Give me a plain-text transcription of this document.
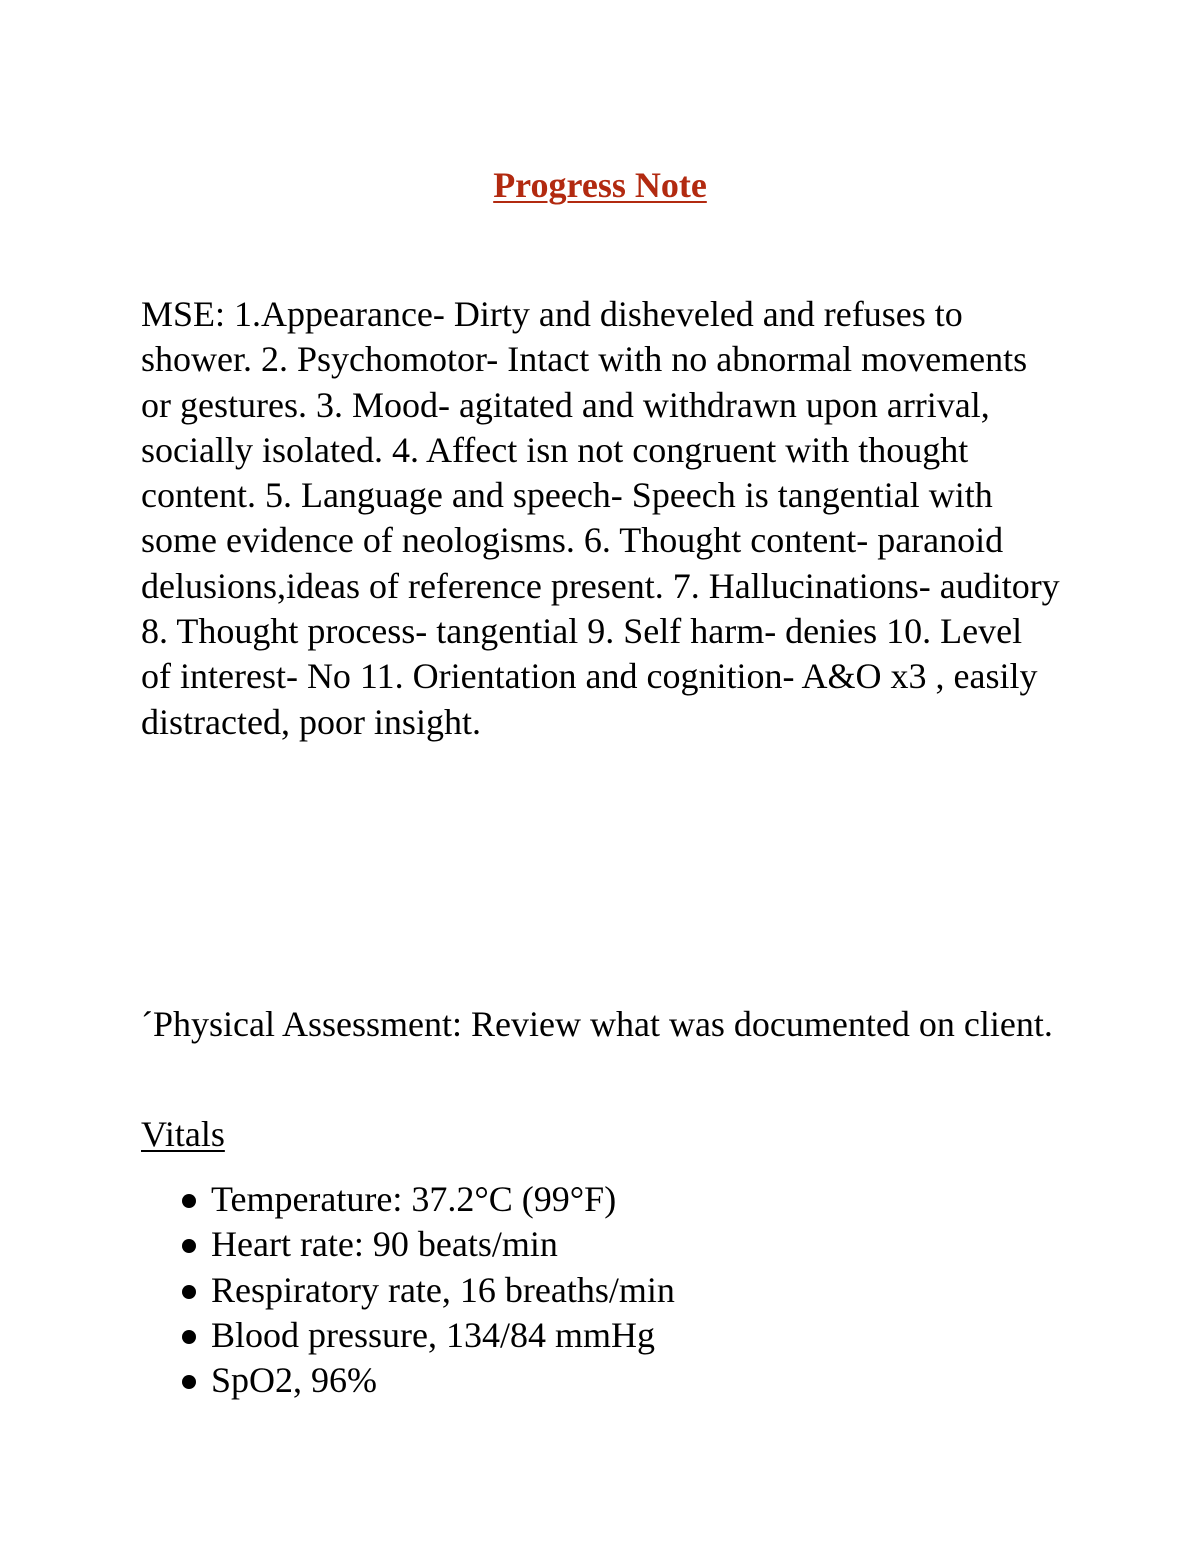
Progress Note

MSE: 1.Appearance- Dirty and disheveled and refuses to shower. 2. Psychomotor- Intact with no abnormal movements or gestures. 3. Mood- agitated and withdrawn upon arrival, socially isolated. 4. Affect isn not congruent with thought content. 5. Language and speech- Speech is tangential with some evidence of neologisms. 6. Thought content- paranoid delusions,ideas of reference present. 7. Hallucinations- auditory 8. Thought process- tangential 9. Self harm- denies 10. Level of interest- No 11. Orientation and cognition- A&O x3 , easily distracted, poor insight.

´Physical Assessment: Review what was documented on client.

Vitals

Temperature: 37.2°C (99°F)
Heart rate: 90 beats/min
Respiratory rate, 16 breaths/min
Blood pressure, 134/84 mmHg
SpO2, 96%
